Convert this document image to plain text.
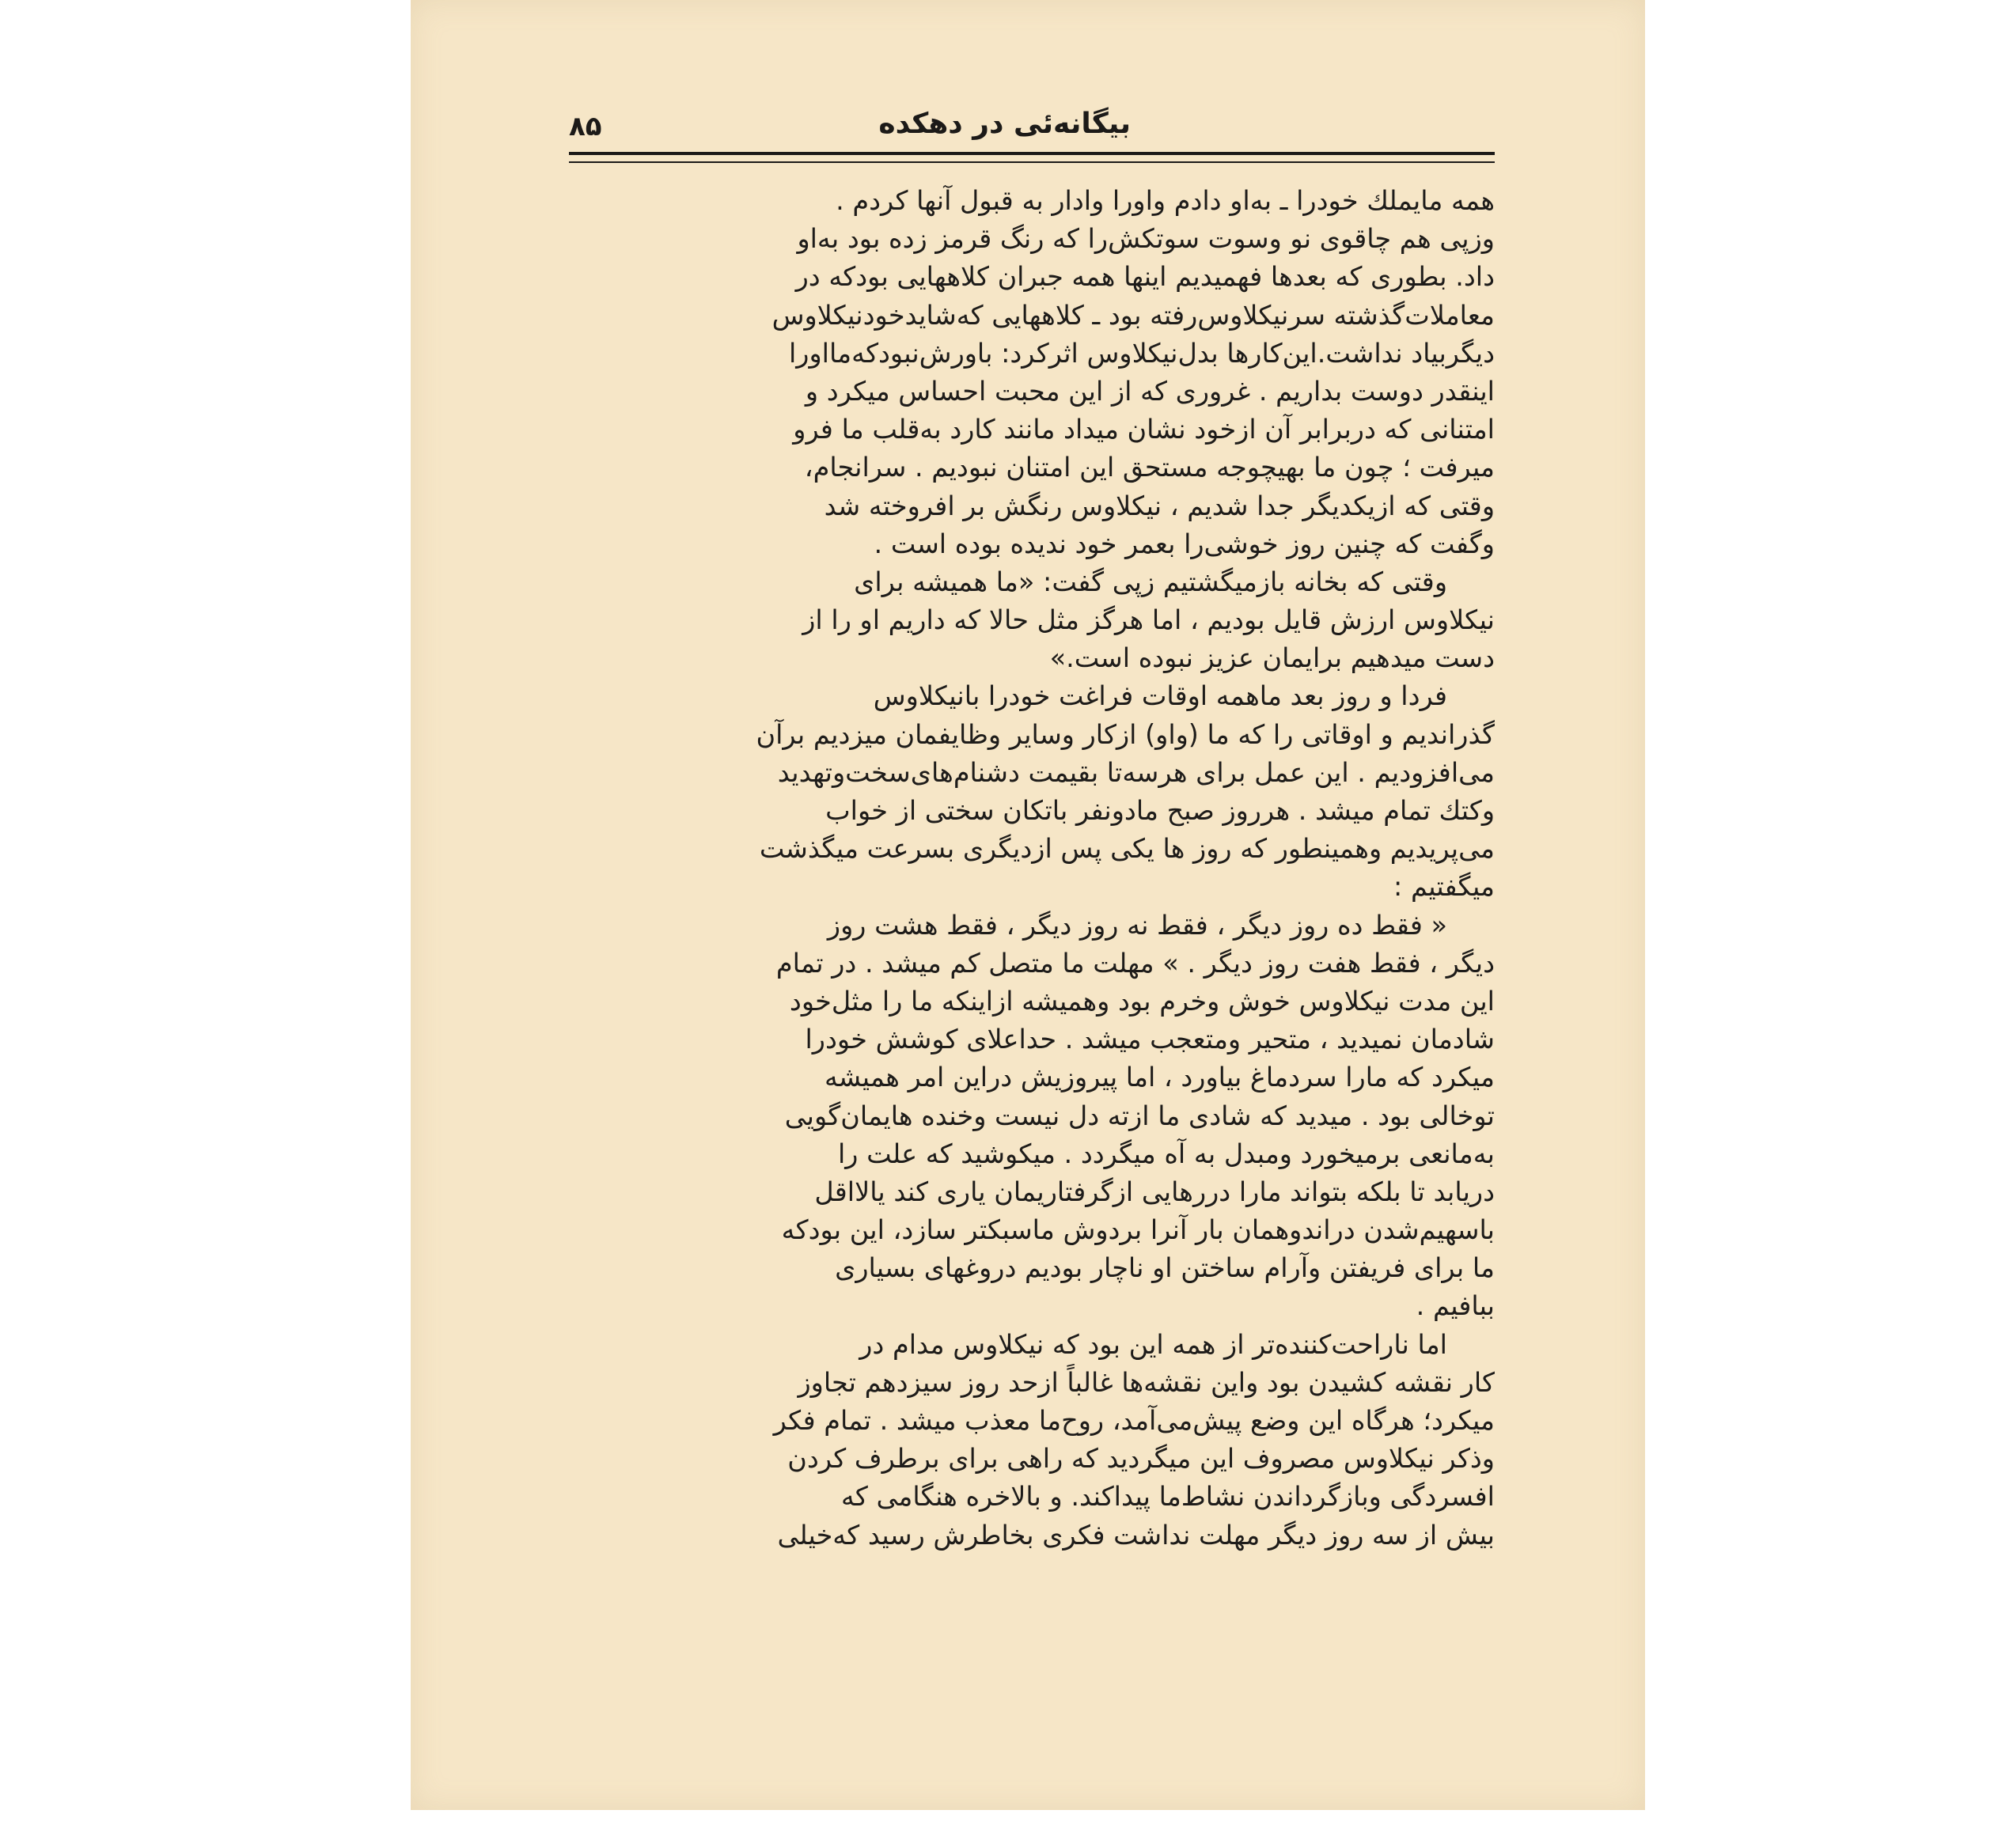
۸۵	بیگانه‌ئی در دهکده
همه مایملك خودرا ـ به‌او دادم واورا وادار به قبول آنها کردم .
وزپی هم چاقوی نو وسوت سوتکش‌را که رنگ قرمز زده بود به‌او
داد. بطوری که بعدها فهمیدیم اینها همه جبران کلاههایی بودکه در
معاملات‌گذشته سرنیکلاوس‌رفته بود ـ کلاههایی که‌شایدخودنیکلاوس
دیگربیاد نداشت.این‌کارها بدل‌نیکلاوس اثرکرد: باورش‌نبودکه‌مااورا
اینقدر دوست بداریم . غروری که از این محبت احساس میکرد و
امتنانی که دربرابر آن ازخود نشان میداد مانند کارد به‌قلب ما فرو
میرفت ؛ چون ما بهیچوجه مستحق این امتنان نبودیم . سرانجام،
وقتی که ازیکدیگر جدا شدیم ، نیکلاوس رنگش بر افروخته شد
وگفت که چنین روز خوشی‌را بعمر خود ندیده بوده است .
وقتی که بخانه بازمیگشتیم زپی گفت: «ما همیشه برای
نیکلاوس ارزش قایل بودیم ، اما هرگز مثل حالا که داریم او را از
دست میدهیم برایمان عزیز نبوده است.»
فردا و روز بعد ماهمه اوقات فراغت خودرا بانیکلاوس
گذراندیم و اوقاتی را که ما (واو) ازکار وسایر وظایفمان میزدیم برآن
می‌افزودیم . این عمل برای هرسه‌تا بقیمت دشنام‌های‌سخت‌وتهدید
وکتك تمام میشد . هرروز صبح مادونفر باتکان سختی از خواب
می‌پریدیم وهمینطور که روز ها یکی پس ازدیگری بسرعت میگذشت
میگفتیم :
« فقط ده روز دیگر ، فقط نه روز دیگر ، فقط هشت روز
دیگر ، فقط هفت روز دیگر . » مهلت ما متصل کم میشد . در تمام
این مدت نیکلاوس خوش وخرم بود وهمیشه ازاینکه ما را مثل‌خود
شادمان نمیدید ، متحیر ومتعجب میشد . حداعلای کوشش خودرا
میکرد که مارا سردماغ بیاورد ، اما پیروزیش دراین امر همیشه
توخالی بود . میدید که شادی ما ازته دل نیست وخنده هایمان‌گویی
به‌مانعی برمیخورد ومبدل به آه میگردد . میکوشید که علت را
دریابد تا بلکه بتواند مارا درر‌هایی ازگرفتاریمان یاری کند یالااقل
باسهیم‌شدن دراندوهمان بار آنرا بردوش ماسبکتر سازد، این بودکه
ما برای فریفتن وآرام ساختن او ناچار بودیم دروغهای بسیاری
ببافیم .
اما ناراحت‌کننده‌تر از همه این بود که نیکلاوس مدام در
کار نقشه کشیدن بود واین نقشه‌ها غالباً ازحد روز سیزدهم تجاوز
میکرد؛ هرگاه این وضع پیش‌می‌آمد، روح‌ما معذب میشد . تمام فکر
وذکر نیکلاوس مصروف این میگردید که راهی برای برطرف کردن
افسردگی وبازگرداندن نشاط‌ما پیداکند. و بالاخره هنگامی که
بیش از سه روز دیگر مهلت نداشت فکری بخاطرش رسید که‌خیلی
